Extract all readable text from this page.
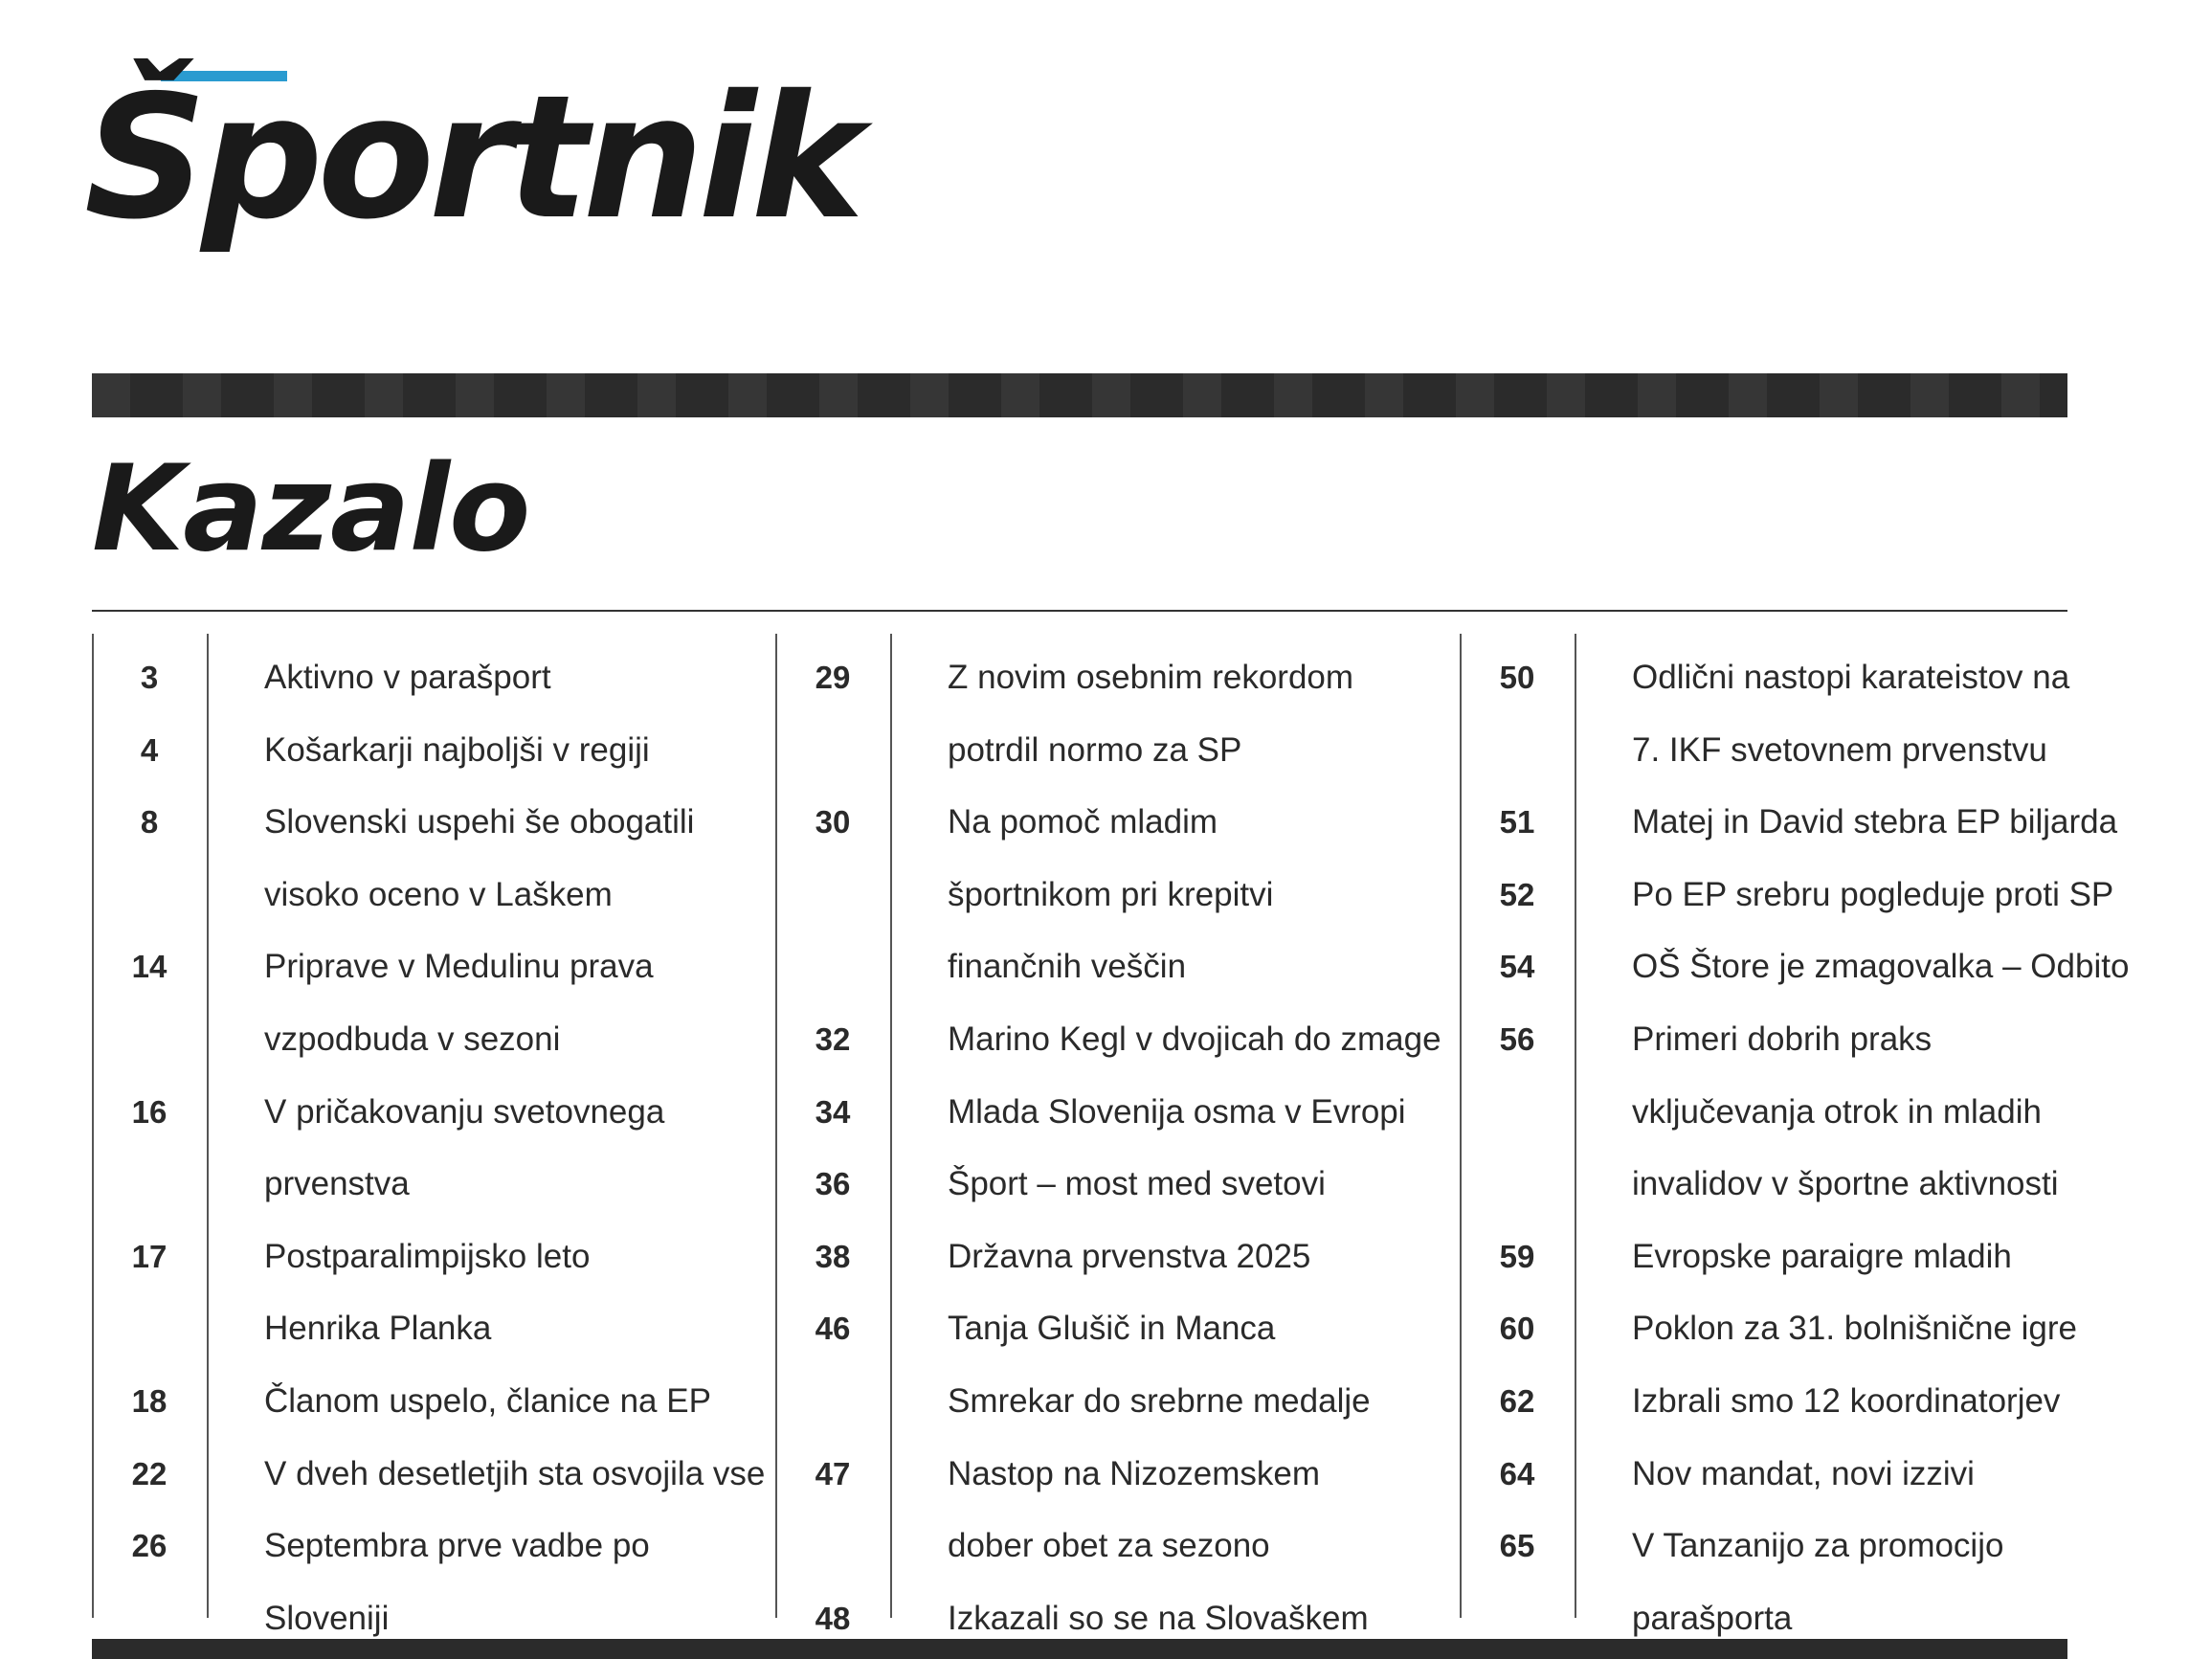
Športnik
Kazalo
3	Aktivno v parašport
4	Košarkarji najboljši v regiji
8	Slovenski uspehi še obogatili
visoko oceno v Laškem
14	Priprave v Medulinu prava
vzpodbuda v sezoni
16	V pričakovanju svetovnega
prvenstva
17	Postparalimpijsko leto
Henrika Planka
18	Članom uspelo, članice na EP
22	V dveh desetletjih sta osvojila vse
26	Septembra prve vadbe po
Sloveniji
29	Z novim osebnim rekordom
potrdil normo za SP
30	Na pomoč mladim
športnikom pri krepitvi
finančnih veščin
32	Marino Kegl v dvojicah do zmage
34	Mlada Slovenija osma v Evropi
36	Šport – most med svetovi
38	Državna prvenstva 2025
46	Tanja Glušič in Manca
Smrekar do srebrne medalje
47	Nastop na Nizozemskem
dober obet za sezono
48	Izkazali so se na Slovaškem
50	Odlični nastopi karateistov na
7. IKF svetovnem prvenstvu
51	Matej in David stebra EP biljarda
52	Po EP srebru pogleduje proti SP
54	OŠ Štore je zmagovalka – Odbito
56	Primeri dobrih praks
vključevanja otrok in mladih
invalidov v športne aktivnosti
59	Evropske paraigre mladih
60	Poklon za 31. bolnišnične igre
62	Izbrali smo 12 koordinatorjev
64	Nov mandat, novi izzivi
65	V Tanzanijo za promocijo
parašporta
